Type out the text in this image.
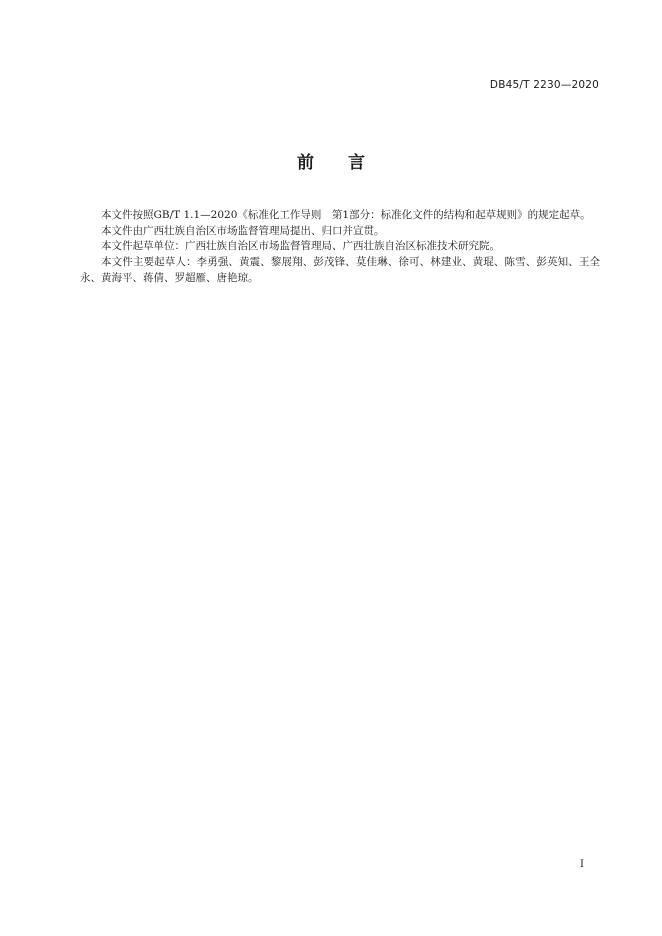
DB45/T 2230—2020
前 言

本文件按照GB/T 1.1—2020《标准化工作导则　第1部分：标准化文件的结构和起草规则》的规定起草。

本文件由广西壮族自治区市场监督管理局提出、归口并宣贯。

本文件起草单位：广西壮族自治区市场监督管理局、广西壮族自治区标准技术研究院。

本文件主要起草人：李勇强、黄震、黎展翔、彭茂锋、莫佳琳、徐可、林建业、黄琨、陈雪、彭英知、王全永、黄海平、蒋倩、罗超雁、唐艳琼。

I
